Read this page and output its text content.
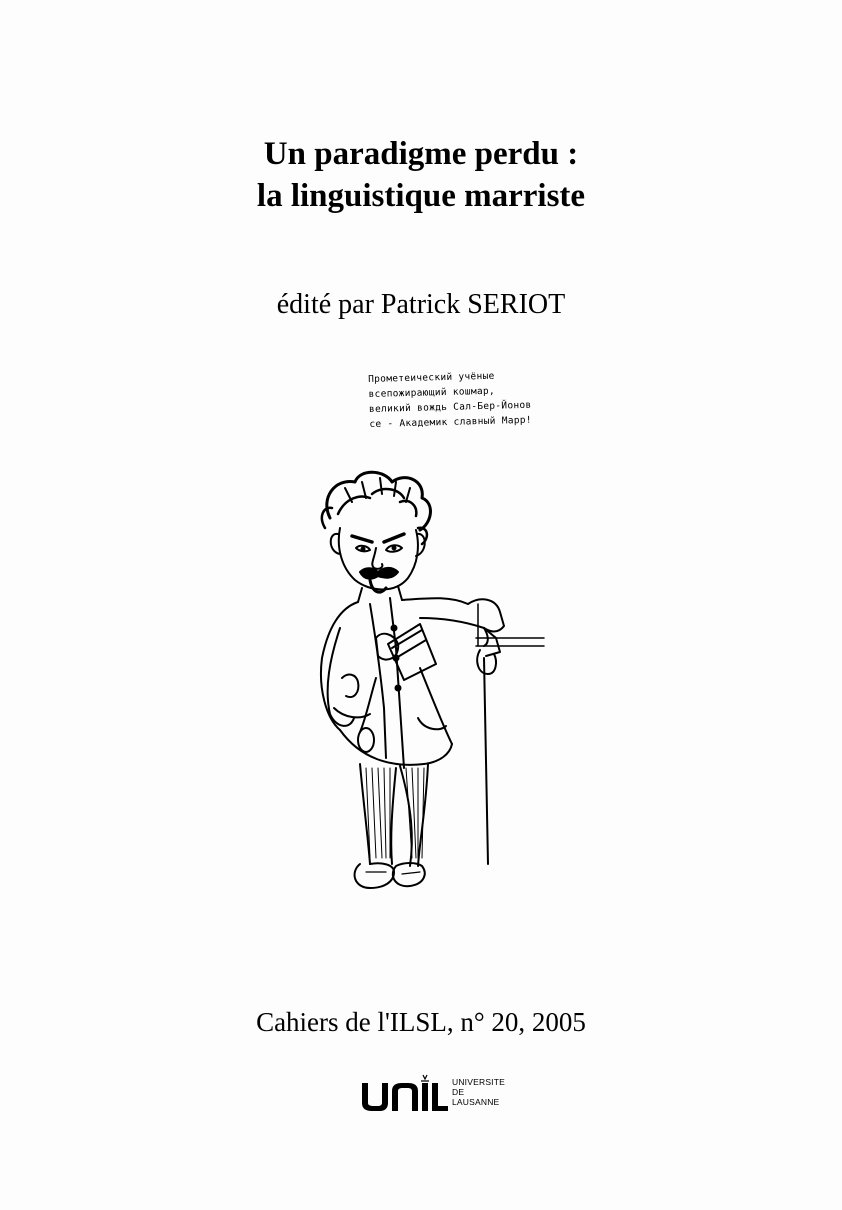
Un paradigme perdu :
la linguistique marriste
édité par Patrick SERIOT
Прометеический учёные
всепожирающий кошмар,
великий вождь Сал-Бер-Йонов
се - Академик славный Марр!
Cahiers de l'ILSL, n° 20, 2005
UNIVERSITE
DE
LAUSANNE
